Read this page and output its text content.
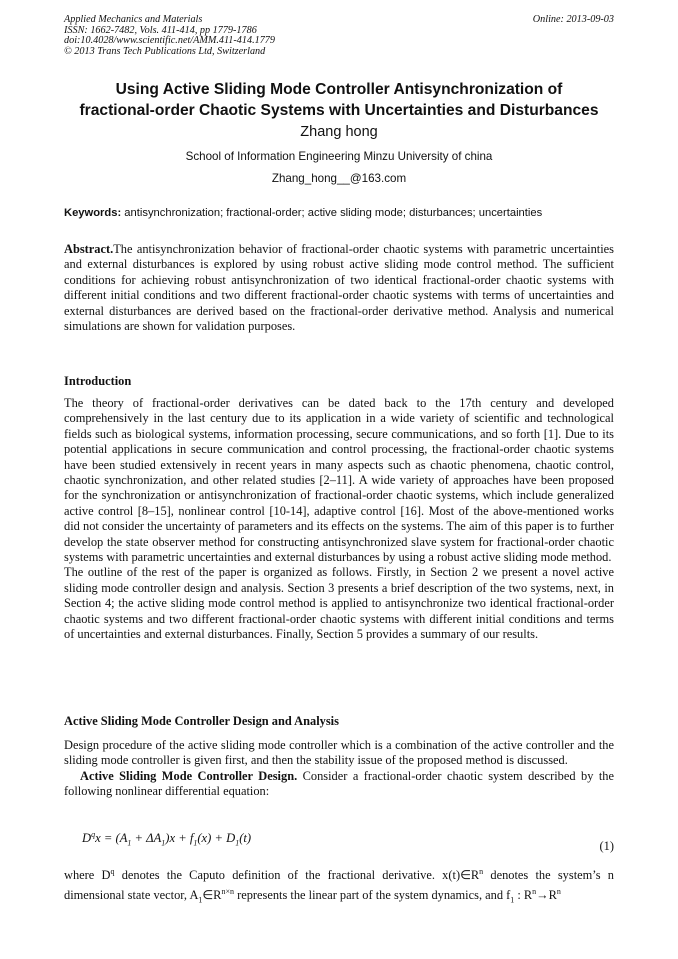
Applied Mechanics and Materials
ISSN: 1662-7482, Vols. 411-414, pp 1779-1786
doi:10.4028/www.scientific.net/AMM.411-414.1779
© 2013 Trans Tech Publications Ltd, Switzerland
Online: 2013-09-03
Using Active Sliding Mode Controller Antisynchronization of
fractional-order Chaotic Systems with Uncertainties and Disturbances
Zhang hong
School of Information Engineering Minzu University of china
Zhang_hong__@163.com
Keywords: antisynchronization; fractional-order; active sliding mode; disturbances; uncertainties
Abstract.The antisynchronization behavior of fractional-order chaotic systems with parametric uncertainties and external disturbances is explored by using robust active sliding mode control method. The sufficient conditions for achieving robust antisynchronization of two identical fractional-order chaotic systems with different initial conditions and two different fractional-order chaotic systems with terms of uncertainties and external disturbances are derived based on the fractional-order derivative method. Analysis and numerical simulations are shown for validation purposes.
Introduction

The theory of fractional-order derivatives can be dated back to the 17th century and developed comprehensively in the last century due to its application in a wide variety of scientific and technological fields such as biological systems, information processing, secure communications, and so forth [1]. Due to its potential applications in secure communication and control processing, the fractional-order chaotic systems have been studied extensively in recent years in many aspects such as chaotic phenomena, chaotic control, chaotic synchronization, and other related studies [2–11]. A wide variety of approaches have been proposed for the synchronization or antisynchronization of fractional-order chaotic systems, which include generalized active control [8–15], nonlinear control [10-14], adaptive control [16]. Most of the above-mentioned works did not consider the uncertainty of parameters and its effects on the systems. The aim of this paper is to further develop the state observer method for constructing antisynchronized slave system for fractional-order chaotic systems with parametric uncertainties and external disturbances by using a robust active sliding mode method.

The outline of the rest of the paper is organized as follows. Firstly, in Section 2 we present a novel active sliding mode controller design and analysis. Section 3 presents a brief description of the two systems, next, in Section 4; the active sliding mode control method is applied to antisynchronize two identical fractional-order chaotic systems and two different fractional-order chaotic systems with different initial conditions and terms of uncertainties and external disturbances. Finally, Section 5 provides a summary of our results.

Active Sliding Mode Controller Design and Analysis

Design procedure of the active sliding mode controller which is a combination of the active controller and the sliding mode controller is given first, and then the stability issue of the proposed method is discussed.

Active Sliding Mode Controller Design. Consider a fractional-order chaotic system described by the following nonlinear differential equation:

$D^qx = (A_1 + \Delta A_1)x + f_1(x) + D_1(t)$
(1)
where $D^q$ denotes the Caputo definition of the fractional derivative. $x(t)\in R^n$ denotes the system’s n dimensional state vector, $A_1\in R^{n\times n}$ represents the linear part of the system dynamics, and $f_1$ : $R^n\to R^n$
